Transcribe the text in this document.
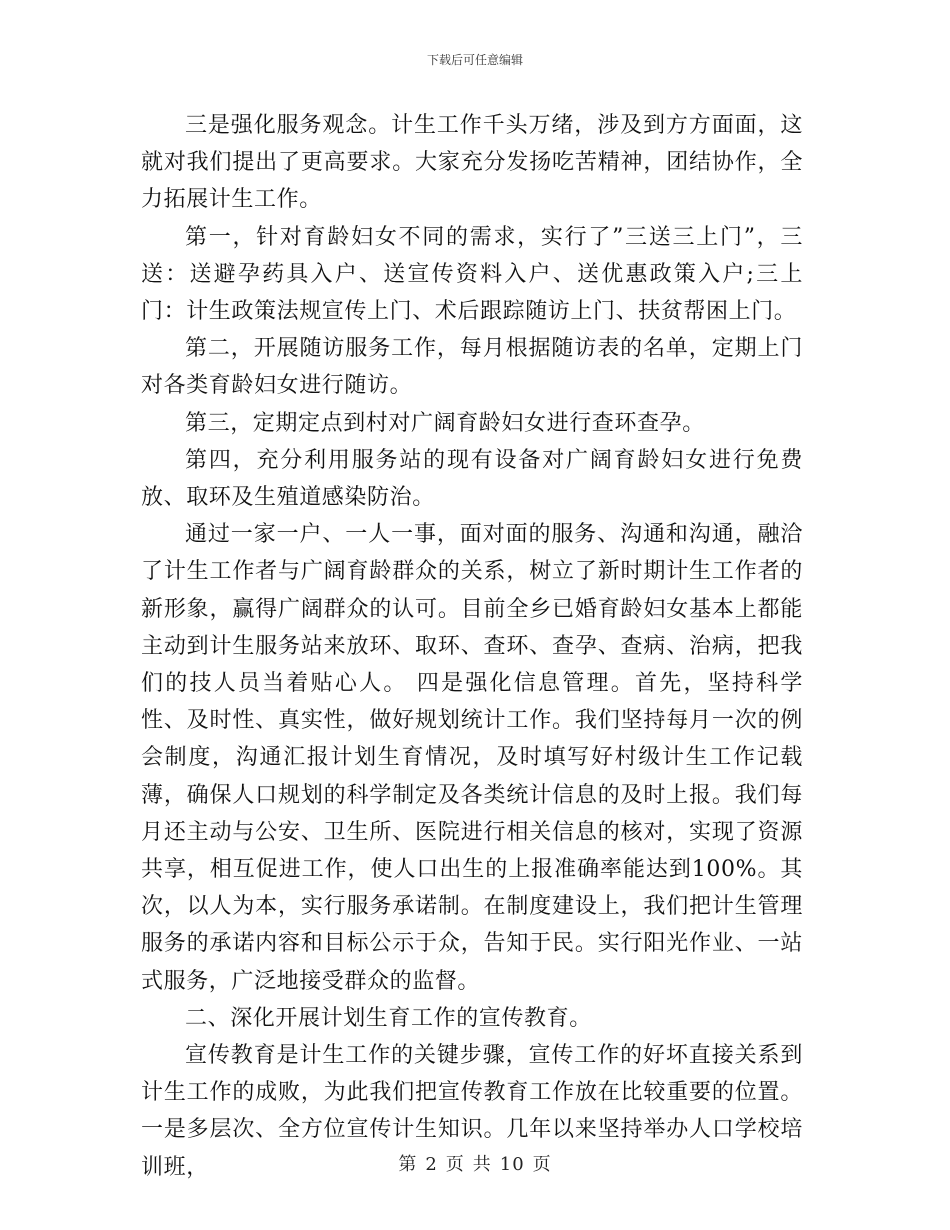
下载后可任意编辑

三是强化服务观念。计生工作千头万绪，涉及到方方面面，这就对我们提出了更高要求。大家充分发扬吃苦精神，团结协作，全力拓展计生工作。

第一，针对育龄妇女不同的需求，实行了”三送三上门”，三送：送避孕药具入户、送宣传资料入户、送优惠政策入户;三上门：计生政策法规宣传上门、术后跟踪随访上门、扶贫帮困上门。

第二，开展随访服务工作，每月根据随访表的名单，定期上门对各类育龄妇女进行随访。

第三，定期定点到村对广阔育龄妇女进行查环查孕。

第四，充分利用服务站的现有设备对广阔育龄妇女进行免费放、取环及生殖道感染防治。

通过一家一户、一人一事，面对面的服务、沟通和沟通，融洽了计生工作者与广阔育龄群众的关系，树立了新时期计生工作者的新形象，赢得广阔群众的认可。目前全乡已婚育龄妇女基本上都能主动到计生服务站来放环、取环、查环、查孕、查病、治病，把我们的技人员当着贴心人。 四是强化信息管理。首先，坚持科学性、及时性、真实性，做好规划统计工作。我们坚持每月一次的例会制度，沟通汇报计划生育情况，及时填写好村级计生工作记载薄，确保人口规划的科学制定及各类统计信息的及时上报。我们每月还主动与公安、卫生所、医院进行相关信息的核对，实现了资源共享，相互促进工作，使人口出生的上报准确率能达到100%。其次，以人为本，实行服务承诺制。在制度建设上，我们把计生管理服务的承诺内容和目标公示于众，告知于民。实行阳光作业、一站式服务，广泛地接受群众的监督。

二、深化开展计划生育工作的宣传教育。

宣传教育是计生工作的关键步骤，宣传工作的好坏直接关系到计生工作的成败，为此我们把宣传教育工作放在比较重要的位置。 一是多层次、全方位宣传计生知识。几年以来坚持举办人口学校培训班，	第 2 页 共 10 页
